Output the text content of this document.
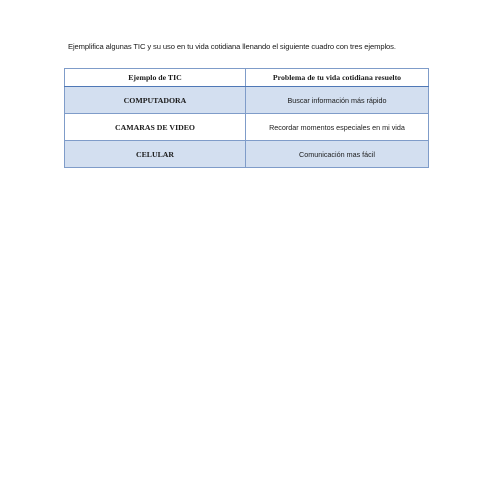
Ejemplifica algunas TIC y su uso en tu vida cotidiana llenando el siguiente cuadro con tres ejemplos.

Ejemplo de TIC	Problema de tu vida cotidiana resuelto
COMPUTADORA	Buscar información más rápido
CAMARAS DE VIDEO	Recordar momentos especiales en mi vida
CELULAR	Comunicación mas fácil
